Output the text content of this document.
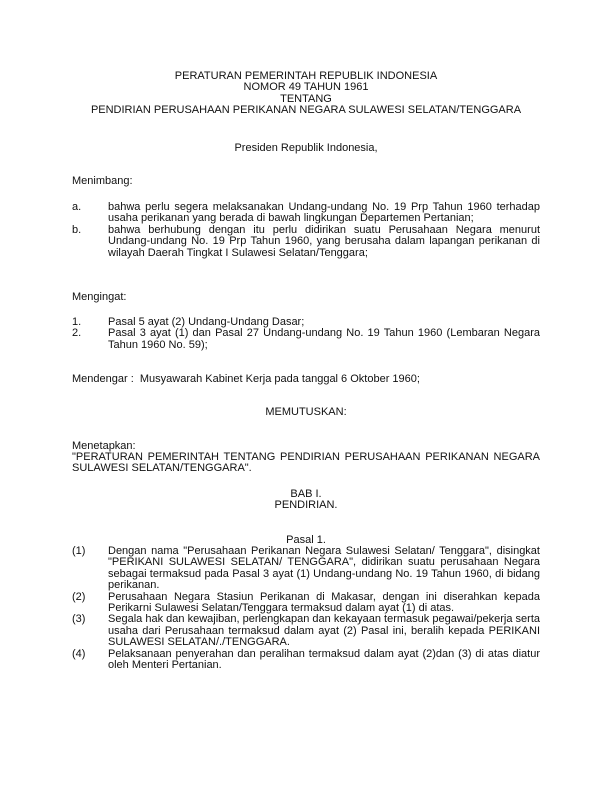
PERATURAN PEMERINTAH REPUBLIK INDONESIA

NOMOR 49 TAHUN 1961

TENTANG

PENDIRIAN PERUSAHAAN PERIKANAN NEGARA SULAWESI SELATAN/TENGGARA

Presiden Republik Indonesia,
Menimbang:
a.	bahwa perlu segera melaksanakan Undang-undang No. 19 Prp Tahun 1960 terhadap usaha perikanan yang berada di bawah lingkungan Departemen Pertanian;
b.	bahwa berhubung dengan itu perlu didirikan suatu Perusahaan Negara menurut Undang-undang No. 19 Prp Tahun 1960, yang berusaha dalam lapangan perikanan di wilayah Daerah Tingkat I Sulawesi Selatan/Tenggara;
Mengingat:
1.	Pasal 5 ayat (2) Undang-Undang Dasar;
2.	Pasal 3 ayat (1) dan Pasal 27 Undang-undang No. 19 Tahun 1960 (Lembaran Negara Tahun 1960 No. 59);
Mendengar :  Musyawarah Kabinet Kerja pada tanggal 6 Oktober 1960;
MEMUTUSKAN:
Menetapkan:
"PERATURAN PEMERINTAH TENTANG PENDIRIAN PERUSAHAAN PERIKANAN NEGARA SULAWESI SELATAN/TENGGARA".

BAB I.

PENDIRIAN.

Pasal 1.
(1)	Dengan nama "Perusahaan Perikanan Negara Sulawesi Selatan/ Tenggara", disingkat "PERIKANI SULAWESI SELATAN/ TENGGARA", didirikan suatu perusahaan Negara sebagai termaksud pada Pasal 3 ayat (1) Undang-undang No. 19 Tahun 1960, di bidang perikanan.
(2)	Perusahaan Negara Stasiun Perikanan di Makasar, dengan ini diserahkan kepada Perikarni Sulawesi Selatan/Tenggara termaksud dalam ayat (1) di atas.
(3)	Segala hak dan kewajiban, perlengkapan dan kekayaan termasuk pegawai/pekerja serta usaha dari Perusahaan termaksud dalam ayat (2) Pasal ini, beralih kepada PERIKANI SULAWESI SELATAN/./TENGGARA.
(4)	Pelaksanaan penyerahan dan peralihan termaksud dalam ayat (2)dan (3) di atas diatur oleh Menteri Pertanian.
